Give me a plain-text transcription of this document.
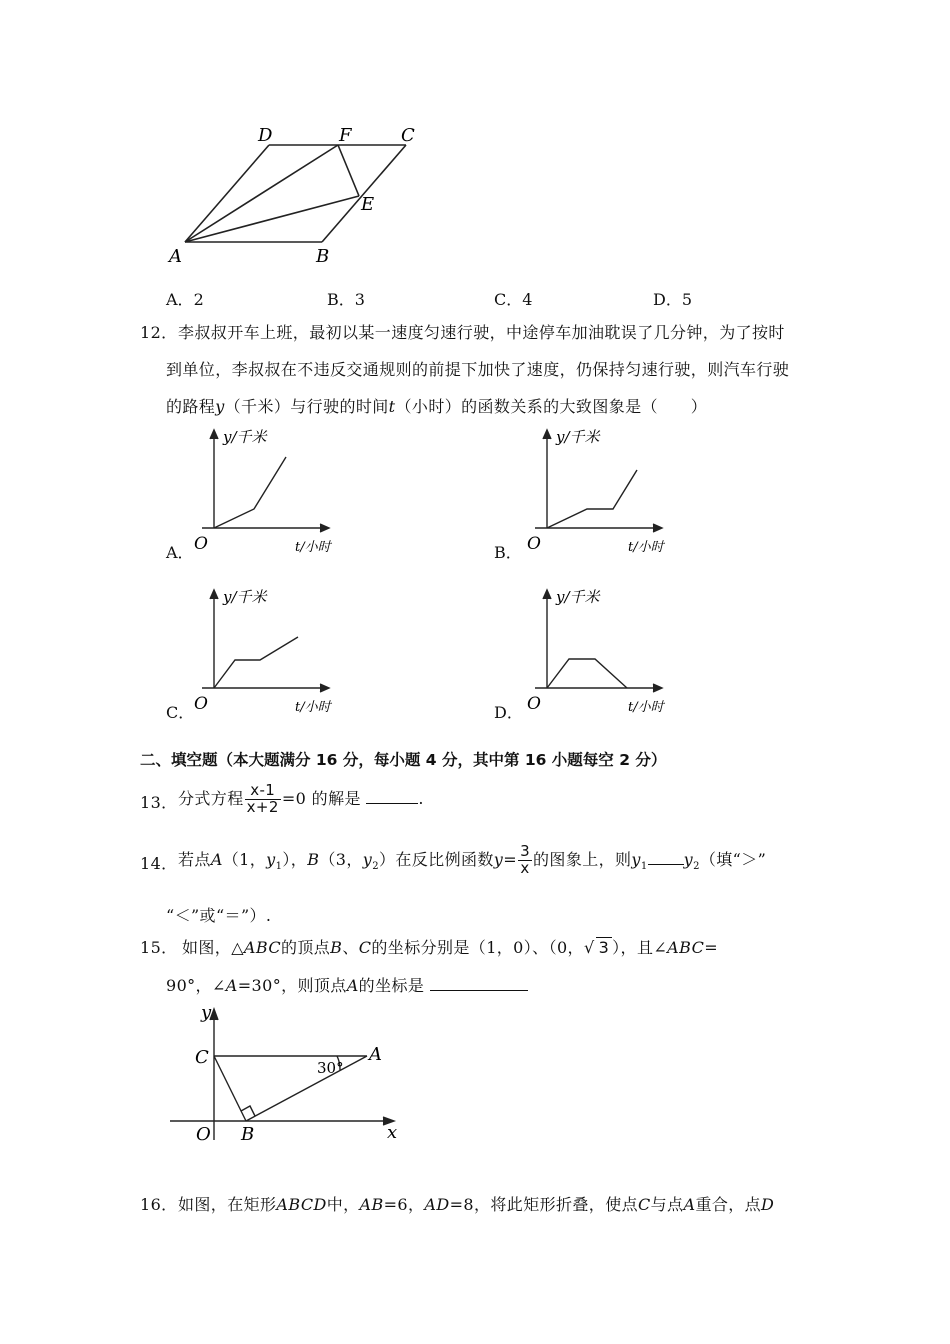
D	F	C
E
A	B
A．2	B．3	C．4	D．5
12． 李叔叔开车上班，最初以某一速度匀速行驶，中途停车加油耽误了几分钟，为了按时
到单位，李叔叔在不违反交通规则的前提下加快了速度，仍保持匀速行驶，则汽车行驶
的路程y（千米）与行驶的时间t（小时）的函数关系的大致图象是（　　）
y/千米
O	t/小时
A．
y/千米
O	t/小时
B．
y/千米
O	t/小时
C．
y/千米
O	t/小时
D．
二、填空题（本大题满分 16 分，每小题 4 分，其中第 16 小题每空 2 分）
13． 分式方程 $\frac{x-1}{x+2} =0$ 的解是	.
14． 若点A（1，$y_1$），B（3，$y_2$）在反比例函数$y= \frac{3}{x}$ 的图象上，则$y_1$ $y_2$（填“＞”
“＜”或“＝”）.
15． 如图，△ABC的顶点B、C的坐标分别是（1，0）、（0，√ 3 ），且∠ABC=
90°，∠A=30°，则顶点A的坐标是
y
x
C	A
O B
30°
16． 如图，在矩形ABCD中，AB=6，AD=8，将此矩形折叠，使点C与点A重合，点D
